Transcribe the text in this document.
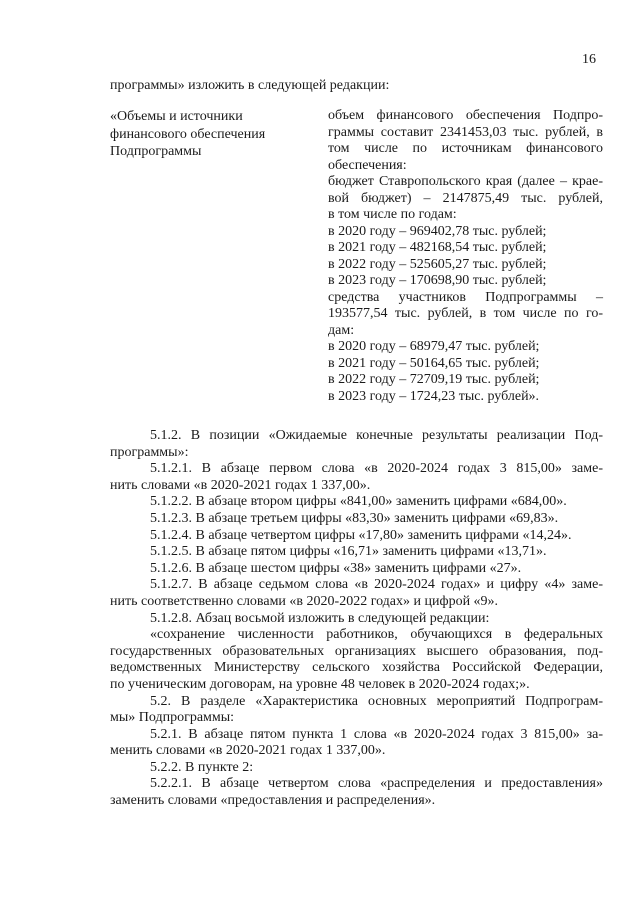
16
программы» изложить в следующей редакции:
«Объемы и источники
финансового обеспечения
Подпрограммы
объем финансового обеспечения Подпро-
граммы составит 2341453,03 тыс. рублей, в
том числе по источникам финансового
обеспечения:
бюджет Ставропольского края (далее – крае-
вой бюджет) – 2147875,49 тыс. рублей,
в том числе по годам:
в 2020 году – 969402,78 тыс. рублей;
в 2021 году – 482168,54 тыс. рублей;
в 2022 году – 525605,27 тыс. рублей;
в 2023 году – 170698,90 тыс. рублей;
средства участников Подпрограммы –
193577,54 тыс. рублей, в том числе по го-
дам:
в 2020 году – 68979,47 тыс. рублей;
в 2021 году – 50164,65 тыс. рублей;
в 2022 году – 72709,19 тыс. рублей;
в 2023 году – 1724,23 тыс. рублей».
5.1.2. В позиции «Ожидаемые конечные результаты реализации Под-
программы»:
5.1.2.1. В абзаце первом слова «в 2020-2024 годах 3 815,00» заме-
нить словами «в 2020-2021 годах 1 337,00».
5.1.2.2. В абзаце втором цифры «841,00» заменить цифрами «684,00».
5.1.2.3. В абзаце третьем цифры «83,30» заменить цифрами «69,83».
5.1.2.4. В абзаце четвертом цифры «17,80» заменить цифрами «14,24».
5.1.2.5. В абзаце пятом цифры «16,71» заменить цифрами «13,71».
5.1.2.6. В абзаце шестом цифры «38» заменить цифрами «27».
5.1.2.7. В абзаце седьмом слова «в 2020-2024 годах» и цифру «4» заме-
нить соответственно словами «в 2020-2022 годах» и цифрой «9».
5.1.2.8. Абзац восьмой изложить в следующей редакции:
«сохранение численности работников, обучающихся в федеральных
государственных образовательных организациях высшего образования, под-
ведомственных Министерству сельского хозяйства Российской Федерации,
по ученическим договорам, на уровне 48 человек в 2020-2024 годах;».
5.2. В разделе «Характеристика основных мероприятий Подпрограм-
мы» Подпрограммы:
5.2.1. В абзаце пятом пункта 1 слова «в 2020-2024 годах 3 815,00» за-
менить словами «в 2020-2021 годах 1 337,00».
5.2.2. В пункте 2:
5.2.2.1. В абзаце четвертом слова «распределения и предоставления»
заменить словами «предоставления и распределения».
